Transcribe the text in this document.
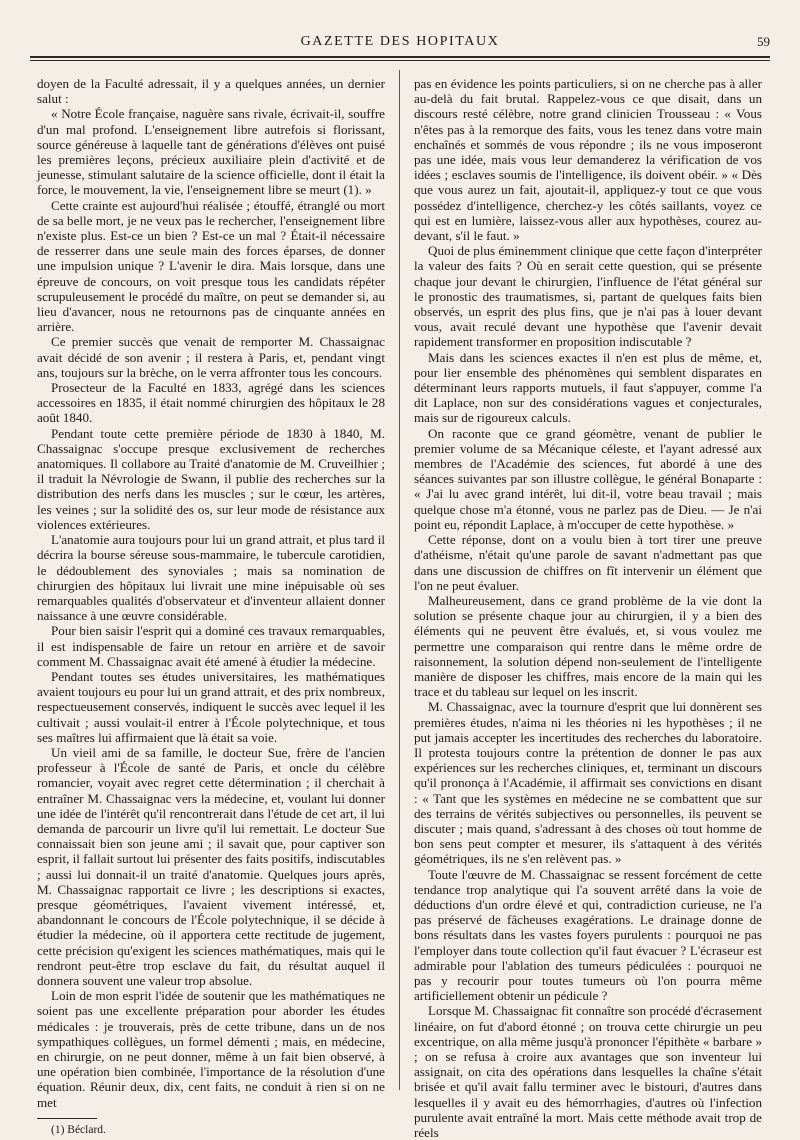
GAZETTE DES HOPITAUX	59

doyen de la Faculté adressait, il y a quelques années, un dernier salut :

« Notre École française, naguère sans rivale, écrivait-il, souffre d'un mal profond. L'enseignement libre autrefois si florissant, source généreuse à laquelle tant de générations d'élèves ont puisé les premières leçons, précieux auxiliaire plein d'activité et de jeunesse, stimulant salutaire de la science officielle, dont il était la force, le mouvement, la vie, l'enseignement libre se meurt (1). »

Cette crainte est aujourd'hui réalisée ; étouffé, étranglé ou mort de sa belle mort, je ne veux pas le rechercher, l'enseignement libre n'existe plus. Est-ce un bien ? Est-ce un mal ? Était-il nécessaire de resserrer dans une seule main des forces éparses, de donner une impulsion unique ? L'avenir le dira. Mais lorsque, dans une épreuve de concours, on voit presque tous les candidats répéter scrupuleusement le procédé du maître, on peut se demander si, au lieu d'avancer, nous ne retournons pas de cinquante années en arrière.

Ce premier succès que venait de remporter M. Chassaignac avait décidé de son avenir ; il restera à Paris, et, pendant vingt ans, toujours sur la brèche, on le verra affronter tous les concours.

Prosecteur de la Faculté en 1833, agrégé dans les sciences accessoires en 1835, il était nommé chirurgien des hôpitaux le 28 août 1840.

Pendant toute cette première période de 1830 à 1840, M. Chassaignac s'occupe presque exclusivement de recherches anatomiques. Il collabore au Traité d'anatomie de M. Cruveilhier ; il traduit la Névrologie de Swann, il publie des recherches sur la distribution des nerfs dans les muscles ; sur le cœur, les artères, les veines ; sur la solidité des os, sur leur mode de résistance aux violences extérieures.

L'anatomie aura toujours pour lui un grand attrait, et plus tard il décrira la bourse séreuse sous-mammaire, le tubercule carotidien, le dédoublement des synoviales ; mais sa nomination de chirurgien des hôpitaux lui livrait une mine inépuisable où ses remarquables qualités d'observateur et d'inventeur allaient donner naissance à une œuvre considérable.

Pour bien saisir l'esprit qui a dominé ces travaux remarquables, il est indispensable de faire un retour en arrière et de savoir comment M. Chassaignac avait été amené à étudier la médecine.

Pendant toutes ses études universitaires, les mathématiques avaient toujours eu pour lui un grand attrait, et des prix nombreux, respectueusement conservés, indiquent le succès avec lequel il les cultivait ; aussi voulait-il entrer à l'École polytechnique, et tous ses maîtres lui affirmaient que là était sa voie.

Un vieil ami de sa famille, le docteur Sue, frère de l'ancien professeur à l'École de santé de Paris, et oncle du célèbre romancier, voyait avec regret cette détermination ; il cherchait à entraîner M. Chassaignac vers la médecine, et, voulant lui donner une idée de l'intérêt qu'il rencontrerait dans l'étude de cet art, il lui demanda de parcourir un livre qu'il lui remettait. Le docteur Sue connaissait bien son jeune ami ; il savait que, pour captiver son esprit, il fallait surtout lui présenter des faits positifs, indiscutables ; aussi lui donnait-il un traité d'anatomie. Quelques jours après, M. Chassaignac rapportait ce livre ; les descriptions si exactes, presque géométriques, l'avaient vivement intéressé, et, abandonnant le concours de l'École polytechnique, il se décide à étudier la médecine, où il apportera cette rectitude de jugement, cette précision qu'exigent les sciences mathématiques, mais qui le rendront peut-être trop esclave du fait, du résultat auquel il donnera souvent une valeur trop absolue.

Loin de mon esprit l'idée de soutenir que les mathématiques ne soient pas une excellente préparation pour aborder les études médicales : je trouverais, près de cette tribune, dans un de nos sympathiques collègues, un formel démenti ; mais, en médecine, en chirurgie, on ne peut donner, même à un fait bien observé, à une opération bien combinée, l'importance de la résolution d'une équation. Réunir deux, dix, cent faits, ne conduit à rien si on ne met

(1) Béclard.

pas en évidence les points particuliers, si on ne cherche pas à aller au-delà du fait brutal. Rappelez-vous ce que disait, dans un discours resté célèbre, notre grand clinicien Trousseau : « Vous n'êtes pas à la remorque des faits, vous les tenez dans votre main enchaînés et sommés de vous répondre ; ils ne vous imposeront pas une idée, mais vous leur demanderez la vérification de vos idées ; esclaves soumis de l'intelligence, ils doivent obéir. » « Dès que vous aurez un fait, ajoutait-il, appliquez-y tout ce que vous possédez d'intelligence, cherchez-y les côtés saillants, voyez ce qui est en lumière, laissez-vous aller aux hypothèses, courez au-devant, s'il le faut. »

Quoi de plus éminemment clinique que cette façon d'interpréter la valeur des faits ? Où en serait cette question, qui se présente chaque jour devant le chirurgien, l'influence de l'état général sur le pronostic des traumatismes, si, partant de quelques faits bien observés, un esprit des plus fins, que je n'ai pas à louer devant vous, avait reculé devant une hypothèse que l'avenir devait rapidement transformer en proposition indiscutable ?

Mais dans les sciences exactes il n'en est plus de même, et, pour lier ensemble des phénomènes qui semblent disparates en déterminant leurs rapports mutuels, il faut s'appuyer, comme l'a dit Laplace, non sur des considérations vagues et conjecturales, mais sur de rigoureux calculs.

On raconte que ce grand géomètre, venant de publier le premier volume de sa Mécanique céleste, et l'ayant adressé aux membres de l'Académie des sciences, fut abordé à une des séances suivantes par son illustre collègue, le général Bonaparte : « J'ai lu avec grand intérêt, lui dit-il, votre beau travail ; mais quelque chose m'a étonné, vous ne parlez pas de Dieu. — Je n'ai point eu, répondit Laplace, à m'occuper de cette hypothèse. »

Cette réponse, dont on a voulu bien à tort tirer une preuve d'athéisme, n'était qu'une parole de savant n'admettant pas que dans une discussion de chiffres on fît intervenir un élément que l'on ne peut évaluer.

Malheureusement, dans ce grand problème de la vie dont la solution se présente chaque jour au chirurgien, il y a bien des éléments qui ne peuvent être évalués, et, si vous voulez me permettre une comparaison qui rentre dans le même ordre de raisonnement, la solution dépend non-seulement de l'intelligente manière de disposer les chiffres, mais encore de la main qui les trace et du tableau sur lequel on les inscrit.

M. Chassaignac, avec la tournure d'esprit que lui donnèrent ses premières études, n'aima ni les théories ni les hypothèses ; il ne put jamais accepter les incertitudes des recherches du laboratoire. Il protesta toujours contre la prétention de donner le pas aux expériences sur les recherches cliniques, et, terminant un discours qu'il prononça à l'Académie, il affirmait ses convictions en disant : « Tant que les systèmes en médecine ne se combattent que sur des terrains de vérités subjectives ou personnelles, ils peuvent se discuter ; mais quand, s'adressant à des choses où tout homme de bon sens peut compter et mesurer, ils s'attaquent à des vérités géométriques, ils ne s'en relèvent pas. »

Toute l'œuvre de M. Chassaignac se ressent forcément de cette tendance trop analytique qui l'a souvent arrêté dans la voie de déductions d'un ordre élevé et qui, contradiction curieuse, ne l'a pas préservé de fâcheuses exagérations. Le drainage donne de bons résultats dans les vastes foyers purulents : pourquoi ne pas l'employer dans toute collection qu'il faut évacuer ? L'écraseur est admirable pour l'ablation des tumeurs pédiculées : pourquoi ne pas y recourir pour toutes tumeurs où l'on pourra même artificiellement obtenir un pédicule ?

Lorsque M. Chassaignac fit connaître son procédé d'écrasement linéaire, on fut d'abord étonné ; on trouva cette chirurgie un peu excentrique, on alla même jusqu'à prononcer l'épithète « barbare » ; on se refusa à croire aux avantages que son inventeur lui assignait, on cita des opérations dans lesquelles la chaîne s'était brisée et qu'il avait fallu terminer avec le bistouri, d'autres dans lesquelles il y avait eu des hémorrhagies, d'autres où l'infection purulente avait entraîné la mort. Mais cette méthode avait trop de réels
